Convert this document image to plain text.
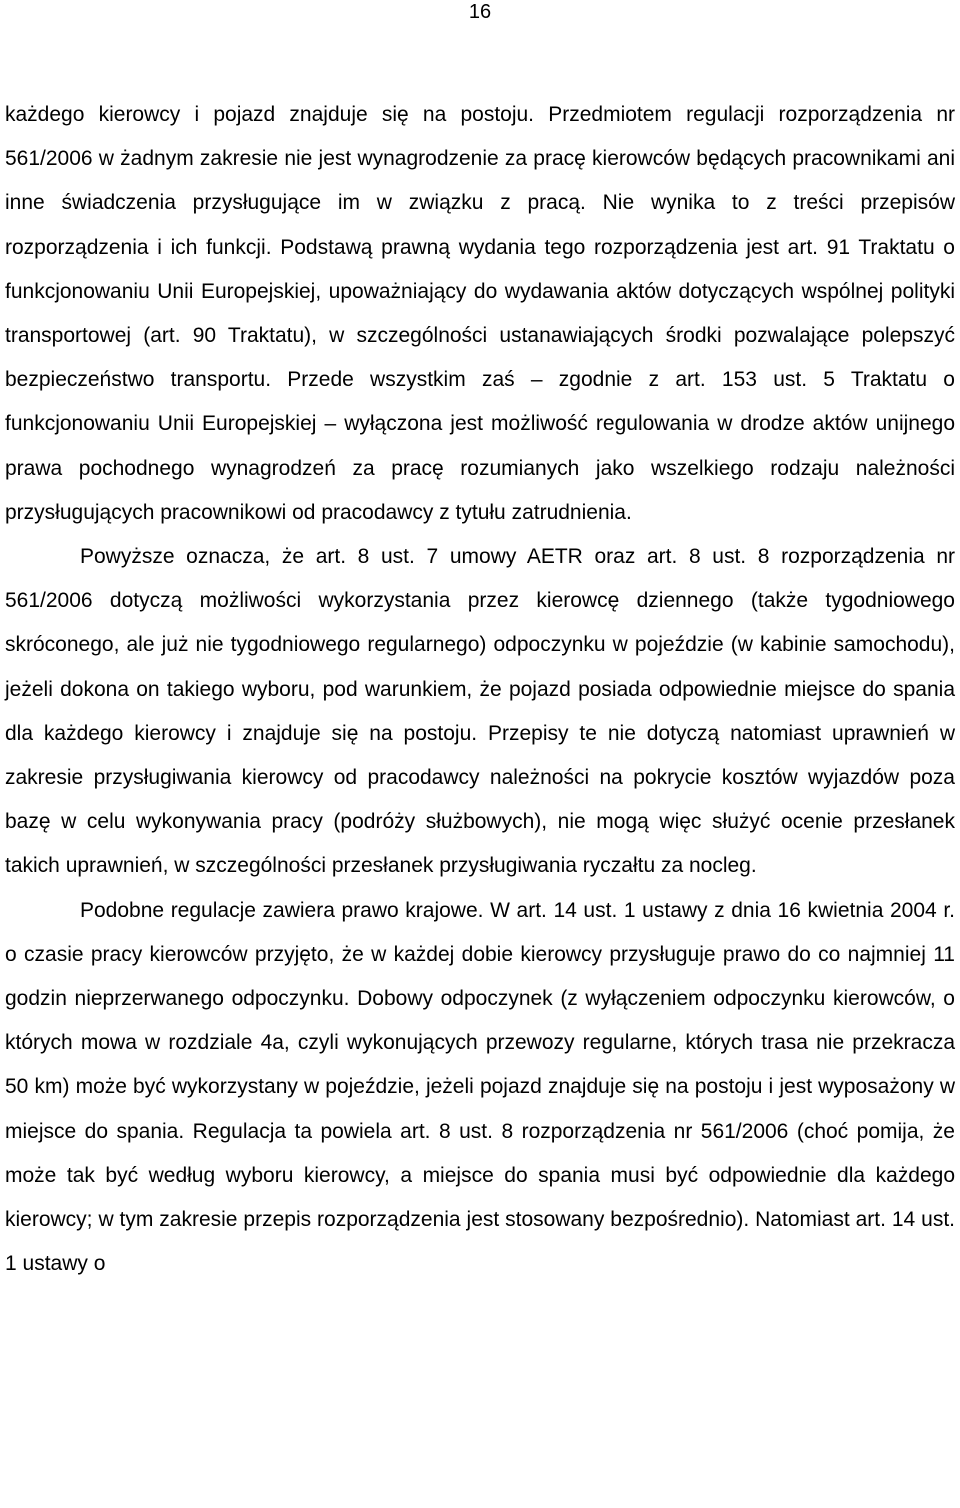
16

każdego kierowcy i pojazd znajduje się na postoju. Przedmiotem regulacji rozporządzenia nr 561/2006 w żadnym zakresie nie jest wynagrodzenie za pracę kierowców będących pracownikami ani inne świadczenia przysługujące im w związku z pracą. Nie wynika to z treści przepisów rozporządzenia i ich funkcji. Podstawą prawną wydania tego rozporządzenia jest art. 91 Traktatu o funkcjonowaniu Unii Europejskiej, upoważniający do wydawania aktów dotyczących wspólnej polityki transportowej (art. 90 Traktatu), w szczególności ustanawiających środki pozwalające polepszyć bezpieczeństwo transportu. Przede wszystkim zaś – zgodnie z art. 153 ust. 5 Traktatu o funkcjonowaniu Unii Europejskiej – wyłączona jest możliwość regulowania w drodze aktów unijnego prawa pochodnego wynagrodzeń za pracę rozumianych jako wszelkiego rodzaju należności przysługujących pracownikowi od pracodawcy z tytułu zatrudnienia.

Powyższe oznacza, że art. 8 ust. 7 umowy AETR oraz art. 8 ust. 8 rozporządzenia nr 561/2006 dotyczą możliwości wykorzystania przez kierowcę dziennego (także tygodniowego skróconego, ale już nie tygodniowego regularnego) odpoczynku w pojeździe (w kabinie samochodu), jeżeli dokona on takiego wyboru, pod warunkiem, że pojazd posiada odpowiednie miejsce do spania dla każdego kierowcy i znajduje się na postoju. Przepisy te nie dotyczą natomiast uprawnień w zakresie przysługiwania kierowcy od pracodawcy należności na pokrycie kosztów wyjazdów poza bazę w celu wykonywania pracy (podróży służbowych), nie mogą więc służyć ocenie przesłanek takich uprawnień, w szczególności przesłanek przysługiwania ryczałtu za nocleg.

Podobne regulacje zawiera prawo krajowe. W art. 14 ust. 1 ustawy z dnia 16 kwietnia 2004 r. o czasie pracy kierowców przyjęto, że w każdej dobie kierowcy przysługuje prawo do co najmniej 11 godzin nieprzerwanego odpoczynku. Dobowy odpoczynek (z wyłączeniem odpoczynku kierowców, o których mowa w rozdziale 4a, czyli wykonujących przewozy regularne, których trasa nie przekracza 50 km) może być wykorzystany w pojeździe, jeżeli pojazd znajduje się na postoju i jest wyposażony w miejsce do spania. Regulacja ta powiela art. 8 ust. 8 rozporządzenia nr 561/2006 (choć pomija, że może tak być według wyboru kierowcy, a miejsce do spania musi być odpowiednie dla każdego kierowcy; w tym zakresie przepis rozporządzenia jest stosowany bezpośrednio). Natomiast art. 14 ust. 1 ustawy o
